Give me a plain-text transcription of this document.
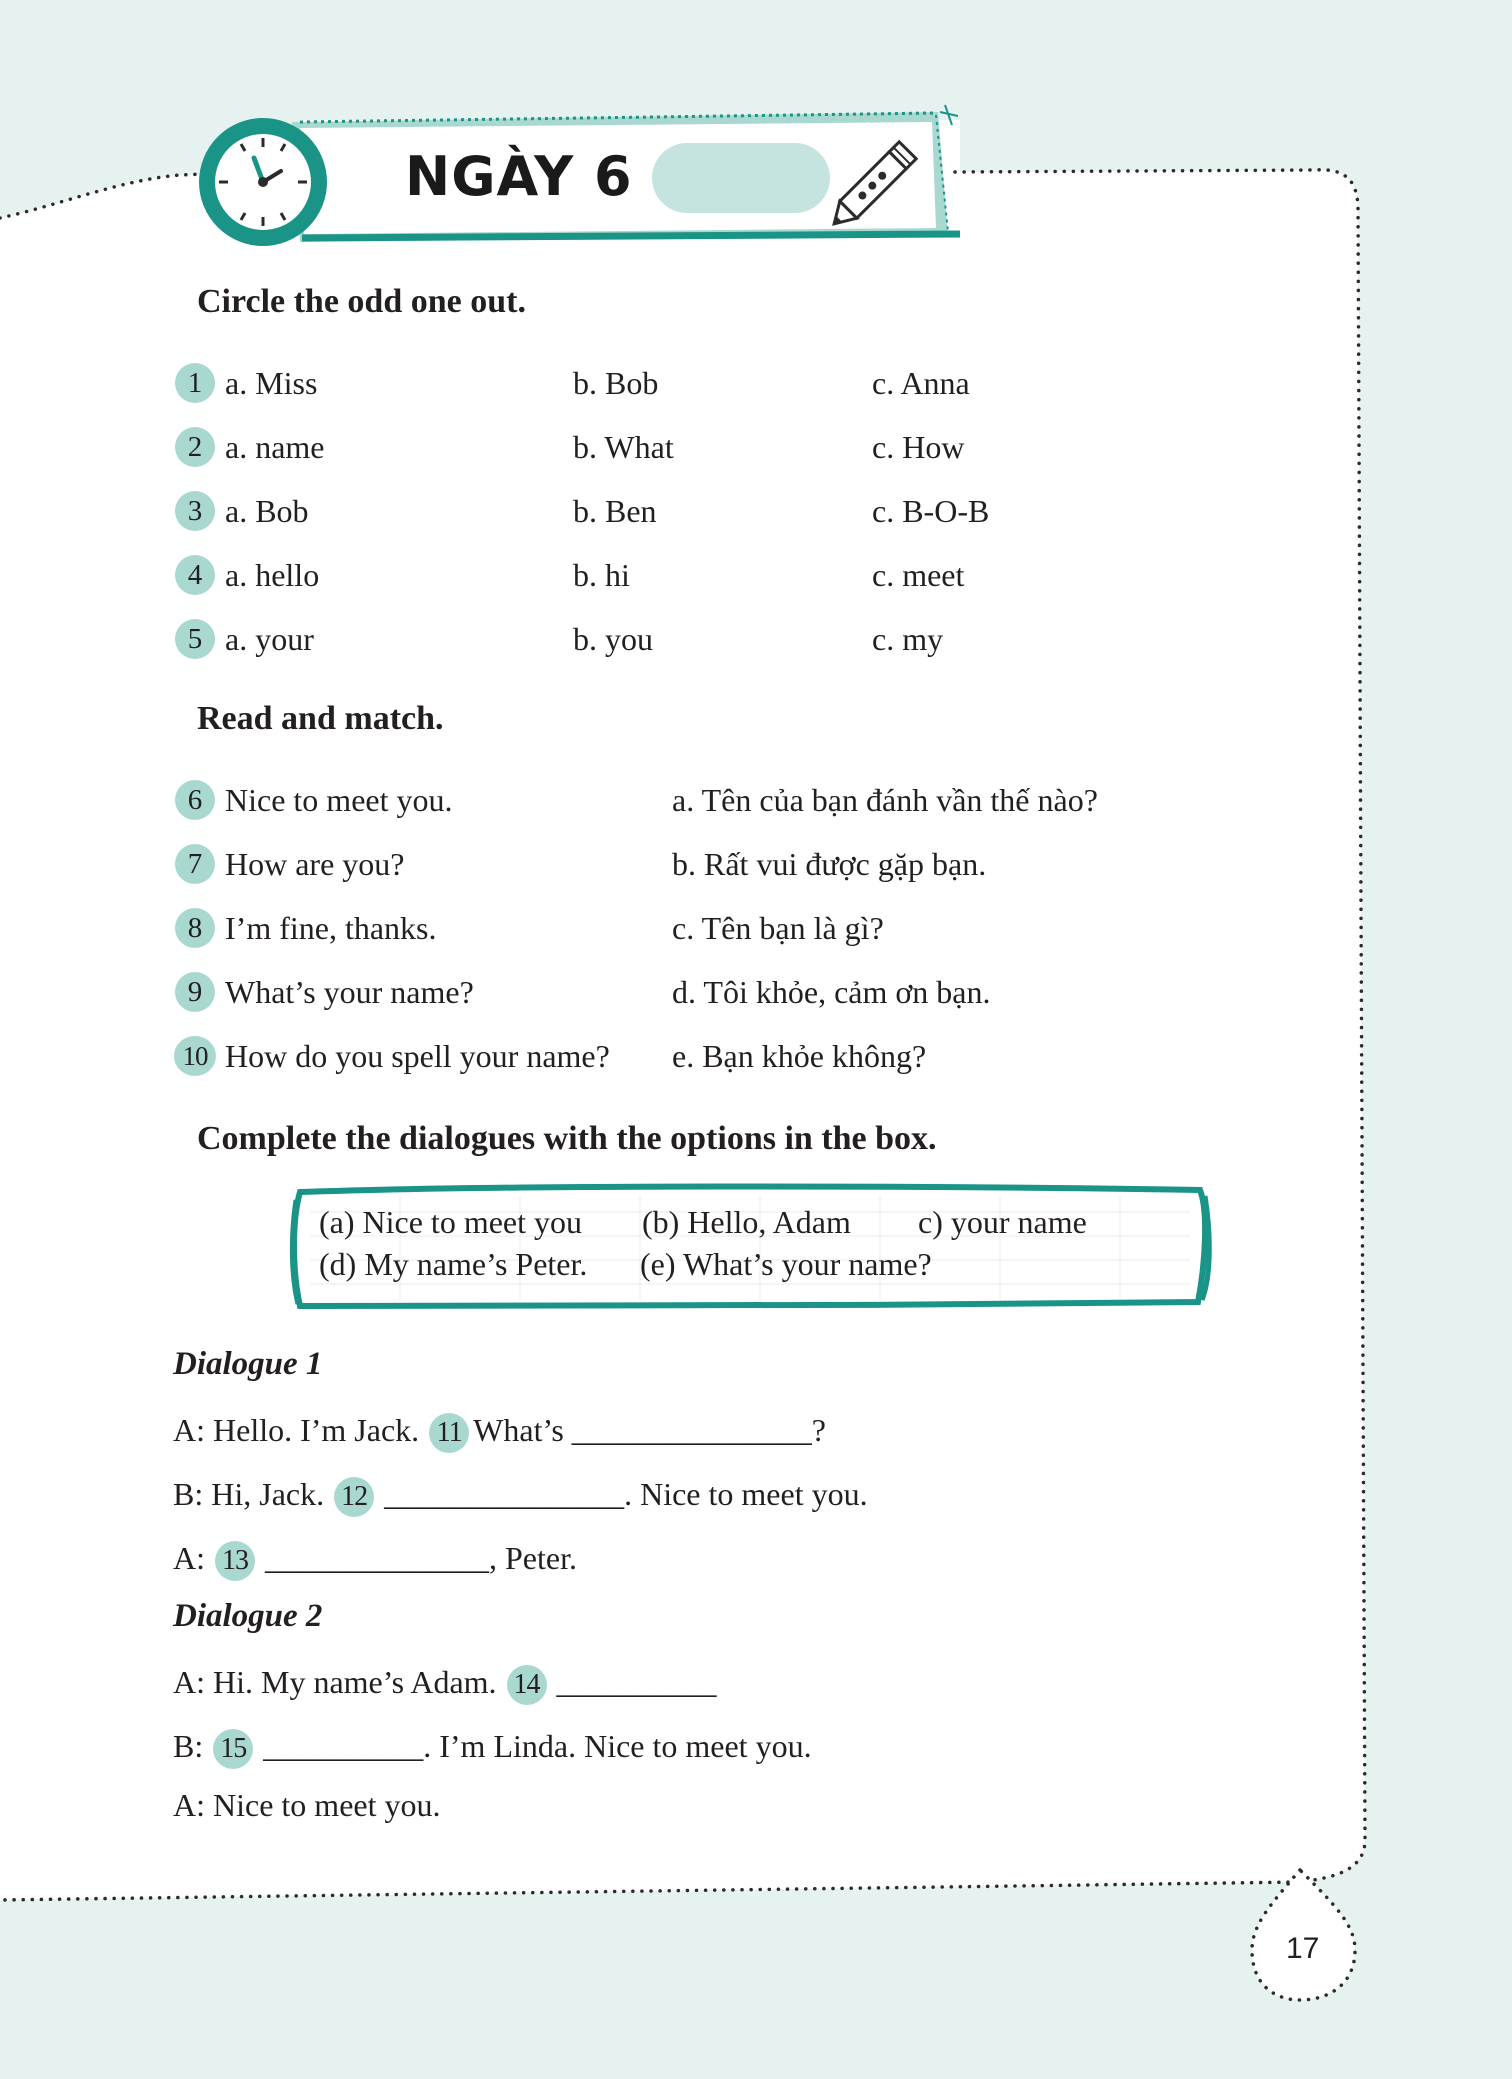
NGÀY 6
Circle the odd one out.
1 a. Miss	b. Bob	c. Anna
2 a. name	b. What	c. How
3 a. Bob	b. Ben	c. B-O-B
4 a. hello	b. hi	c. meet
5 a. your	b. you	c. my
Read and match.
6 Nice to meet you.	a. Tên của bạn đánh vần thế nào?
7 How are you?	b. Rất vui được gặp bạn.
8 I’m fine, thanks.	c. Tên bạn là gì?
9 What’s your name?	d. Tôi khỏe, cảm ơn bạn.
10 How do you spell your name? e. Bạn khỏe không?
Complete the dialogues with the options in the box.
(a) Nice to meet you (b) Hello, Adam c) your name
(d) My name’s Peter. (e) What’s your name?
Dialogue 1
A: Hello. I’m Jack. 11 What’s _______________?
B: Hi, Jack. 12 _______________. Nice to meet you.
A: 13 ______________, Peter.
Dialogue 2
A: Hi. My name’s Adam. 14 __________
B: 15 __________. I’m Linda. Nice to meet you.
A: Nice to meet you.
17
